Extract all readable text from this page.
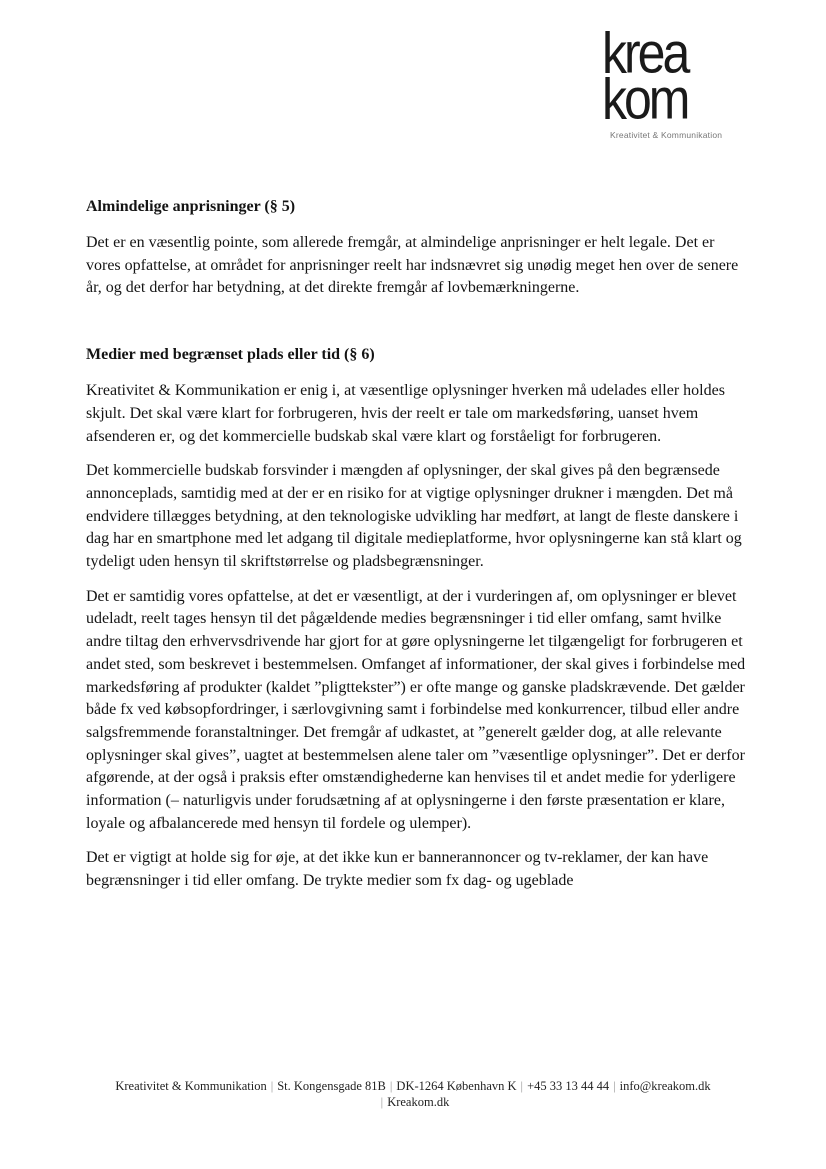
krea
kom
Kreativitet & Kommunikation
Almindelige anprisninger (§ 5)

Det er en væsentlig pointe, som allerede fremgår, at almindelige anprisninger er helt legale. Det er vores opfattelse, at området for anprisninger reelt har indsnævret sig unødig meget hen over de senere år, og det derfor har betydning, at det direkte fremgår af lovbemærkningerne.

Medier med begrænset plads eller tid (§ 6)

Kreativitet & Kommunikation er enig i, at væsentlige oplysninger hverken må udelades eller holdes skjult. Det skal være klart for forbrugeren, hvis der reelt er tale om markedsføring, uanset hvem afsenderen er, og det kommercielle budskab skal være klart og forståeligt for forbrugeren.

Det kommercielle budskab forsvinder i mængden af oplysninger, der skal gives på den begrænsede annonceplads, samtidig med at der er en risiko for at vigtige oplysninger drukner i mængden. Det må endvidere tillægges betydning, at den teknologiske udvikling har medført, at langt de fleste danskere i dag har en smartphone med let adgang til digitale medieplatforme, hvor oplysningerne kan stå klart og tydeligt uden hensyn til skriftstørrelse og pladsbegrænsninger.

Det er samtidig vores opfattelse, at det er væsentligt, at der i vurderingen af, om oplysninger er blevet udeladt, reelt tages hensyn til det pågældende medies begrænsninger i tid eller omfang, samt hvilke andre tiltag den erhvervsdrivende har gjort for at gøre oplysningerne let tilgængeligt for forbrugeren et andet sted, som beskrevet i bestemmelsen. Omfanget af informationer, der skal gives i forbindelse med markedsføring af produkter (kaldet ”pligttekster”) er ofte mange og ganske pladskrævende. Det gælder både fx ved købsopfordringer, i særlovgivning samt i forbindelse med konkurrencer, tilbud eller andre salgsfremmende foranstaltninger. Det fremgår af udkastet, at ”generelt gælder dog, at alle relevante oplysninger skal gives”, uagtet at bestemmelsen alene taler om ”væsentlige oplysninger”. Det er derfor afgørende, at der også i praksis efter omstændighederne kan henvises til et andet medie for yderligere information (– naturligvis under forudsætning af at oplysningerne i den første præsentation er klare, loyale og afbalancerede med hensyn til fordele og ulemper).

Det er vigtigt at holde sig for øje, at det ikke kun er bannerannoncer og tv-reklamer, der kan have begrænsninger i tid eller omfang. De trykte medier som fx dag- og ugeblade

Kreativitet & Kommunikation | St. Kongensgade 81B | DK-1264 København K | +45 33 13 44 44 | info@kreakom.dk
| Kreakom.dk
